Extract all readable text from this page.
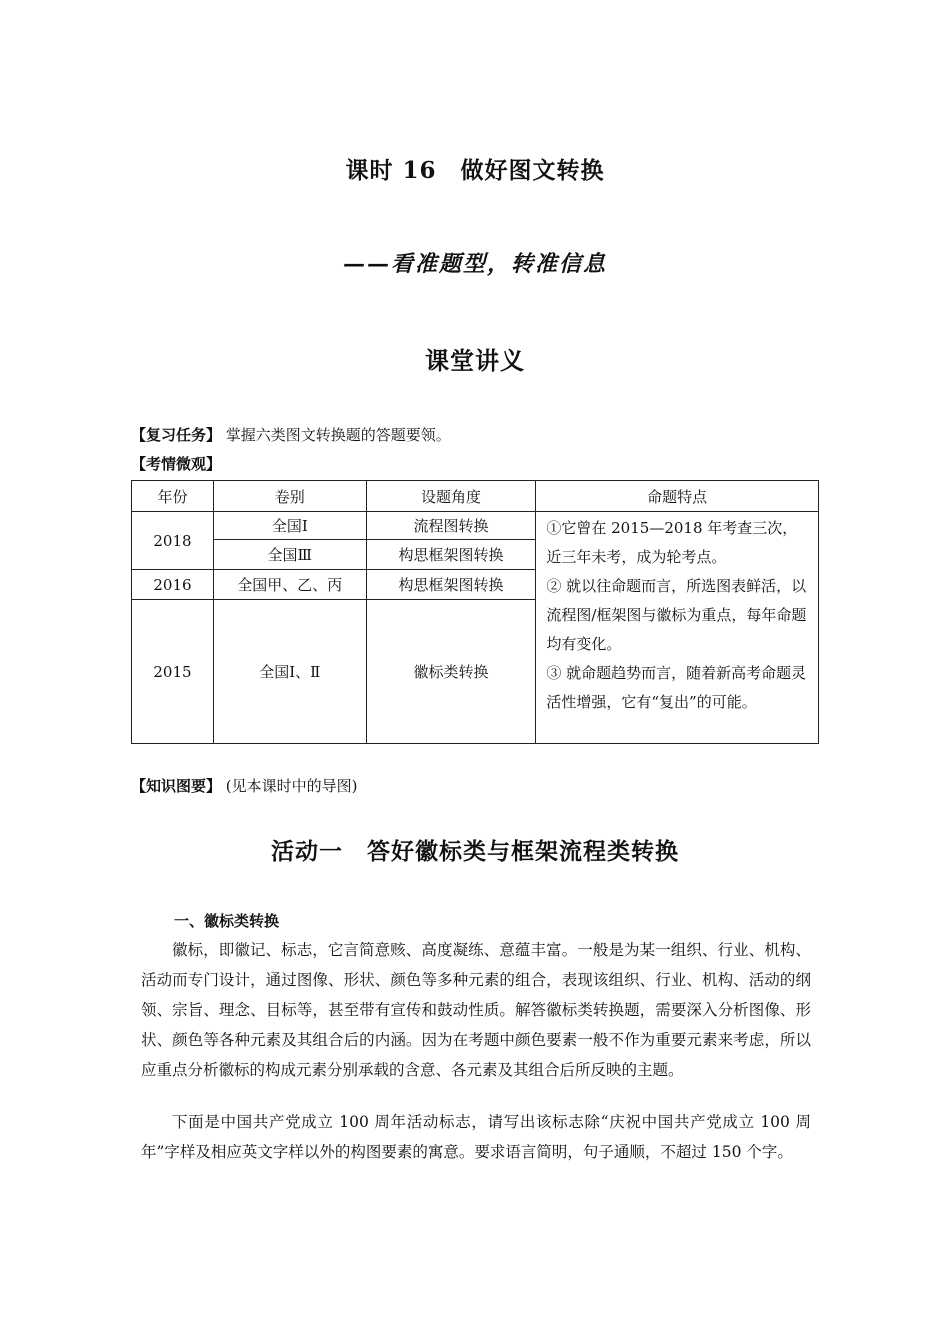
课时 16　做好图文转换
——看准题型，转准信息
课堂讲义
【复习任务】 掌握六类图文转换题的答题要领。
【考情微观】
年份	卷别	设题角度	命题特点
2018	全国Ⅰ	流程图转换	①它曾在 2015—2018 年考查三次，近三年未考，成为轮考点。
② 就以往命题而言，所选图表鲜活，以流程图/框架图与徽标为重点，每年命题均有变化。
③ 就命题趋势而言，随着新高考命题灵活性增强，它有“复出”的可能。

	全国Ⅲ	构思框架图转换	
2016	全国甲、乙、丙	构思框架图转换	
2015	全国Ⅰ、Ⅱ	徽标类转换	
【知识图要】 (见本课时中的导图)
活动一　答好徽标类与框架流程类转换
一、徽标类转换

徽标，即徽记、标志，它言简意赅、高度凝练、意蕴丰富。一般是为某一组织、行业、机构、活动而专门设计，通过图像、形状、颜色等多种元素的组合，表现该组织、行业、机构、活动的纲领、宗旨、理念、目标等，甚至带有宣传和鼓动性质。解答徽标类转换题，需要深入分析图像、形状、颜色等各种元素及其组合后的内涵。因为在考题中颜色要素一般不作为重要元素来考虑，所以应重点分析徽标的构成元素分别承载的含意、各元素及其组合后所反映的主题。

下面是中国共产党成立 100 周年活动标志，请写出该标志除“庆祝中国共产党成立 100 周年”字样及相应英文字样以外的构图要素的寓意。要求语言简明，句子通顺，不超过 150 个字。
